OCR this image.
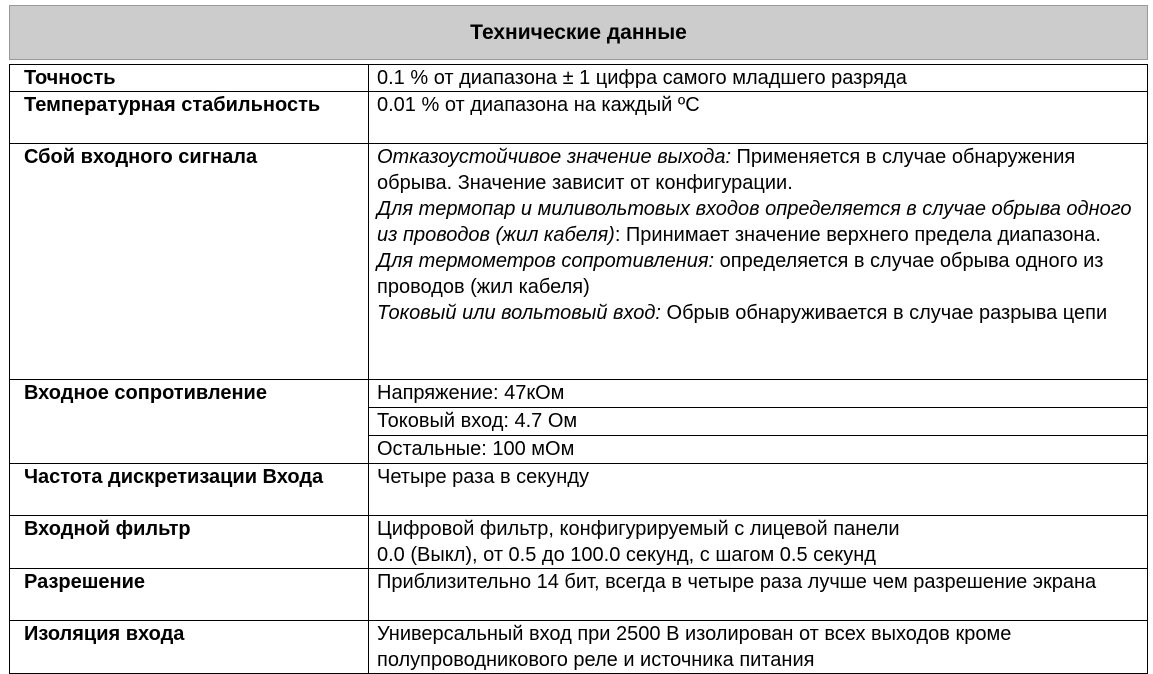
Технические данные
Точность	0.1 % от диапазона ± 1 цифра самого младшего разряда
Температурная стабильность	0.01 % от диапазона на каждый ºC
Сбой входного сигнала	Отказоустойчивое значение выхода: Применяется в случае обнаружения обрыва. Значение зависит от конфигурации.
Для термопар и миливольтовых входов определяется в случае обрыва одного из проводов (жил кабеля): Принимает значение верхнего предела диапазона.
Для термометров сопротивления: определяется в случае обрыва одного из проводов (жил кабеля)
Токовый или вольтовый вход: Обрыв обнаруживается в случае разрыва цепи
Входное сопротивление	Напряжение: 47кОм
	Токовый вход: 4.7 Ом
	Остальные: 100 мОм
Частота дискретизации Входа	Четыре раза в секунду
Входной фильтр	Цифровой фильтр, конфигурируемый с лицевой панели
0.0 (Выкл), от 0.5 до 100.0 секунд, с шагом 0.5 секунд
Разрешение	Приблизительно 14 бит, всегда в четыре раза лучше чем разрешение экрана
Изоляция входа	Универсальный вход при 2500 В изолирован от всех выходов кроме полупроводникового реле и источника питания
